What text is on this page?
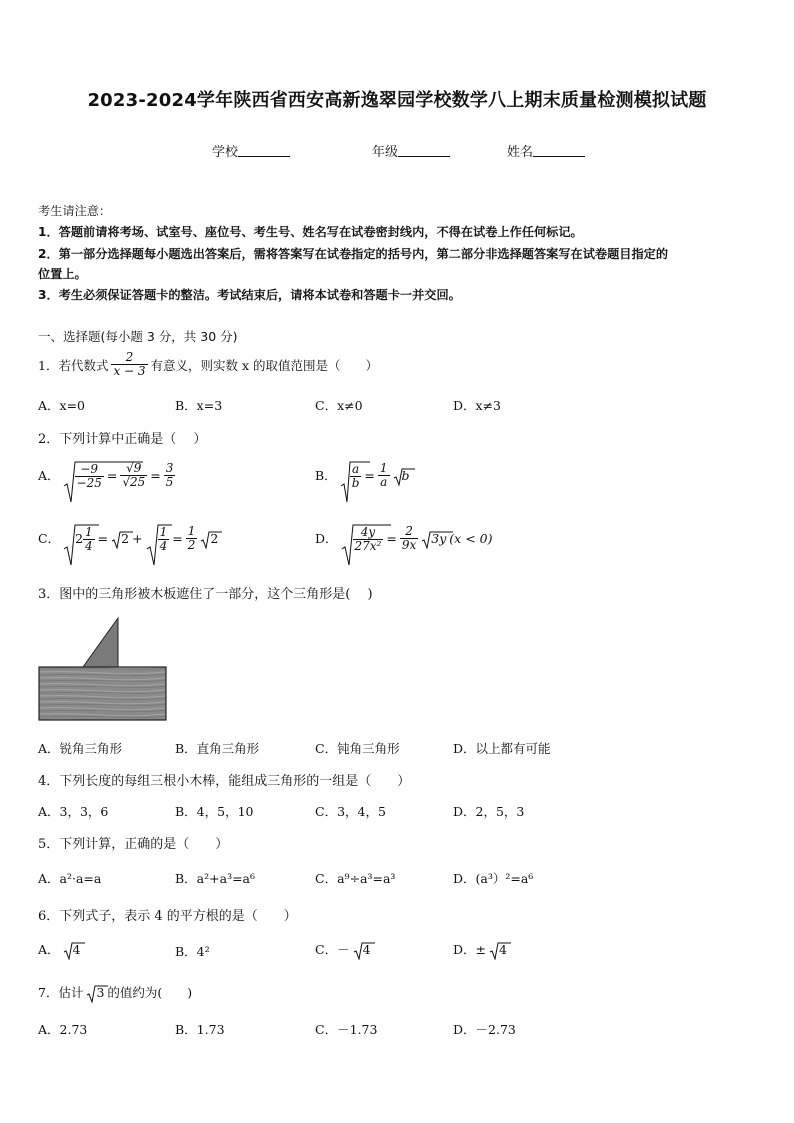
2023-2024学年陕西省西安高新逸翠园学校数学八上期末质量检测模拟试题
学校	年级	姓名
考生请注意：
1．答题前请将考场、试室号、座位号、考生号、姓名写在试卷密封线内，不得在试卷上作任何标记。
2．第一部分选择题每小题选出答案后，需将答案写在试卷指定的括号内，第二部分非选择题答案写在试卷题目指定的
位置上。
3．考生必须保证答题卡的整洁。考试结束后，请将本试卷和答题卡一并交回。
一、选择题(每小题 3 分，共 30 分)
1．若代数式 $\frac{2}{x - 3}$ 有意义，则实数 x 的取值范围是（　　）
A．x=0	B．x=3	C．x≠0	D．x≠3
2．下列计算中正确是（　 ）
A． $\frac{-9}{-25} = \frac{√9}{√25} = \frac{3}{5}$	B． $\frac{a}{b} = \frac{1}{a}$ b
C．	$2 \frac{1}{4}$ =	$2 + \frac{1}{4} = \frac{1}{2}$	2	D． $\frac{4y}{\text{27x²}} = \frac{2}{9x}$	3y (x < 0)
3．图中的三角形被木板遮住了一部分，这个三角形是(　 )
A．锐角三角形	B．直角三角形	C．钝角三角形	D．以上都有可能
4．下列长度的每组三根小木棒，能组成三角形的一组是（　　）
A．3，3，6	B．4，5，10	C．3，4，5	D．2，5，3
5．下列计算，正确的是（　　）
A．a²·a=a	B．a²+a³=a⁶	C．a⁹÷a³=a³	D．(a³）²=a⁶
6．下列式子，表示 4 的平方根的是（　　）
A．	4	B．4²	C．－	4	D．±	4
7．估计	3 的值约为(　　)
A．2.73	B．1.73	C．－1.73	D．－2.73
